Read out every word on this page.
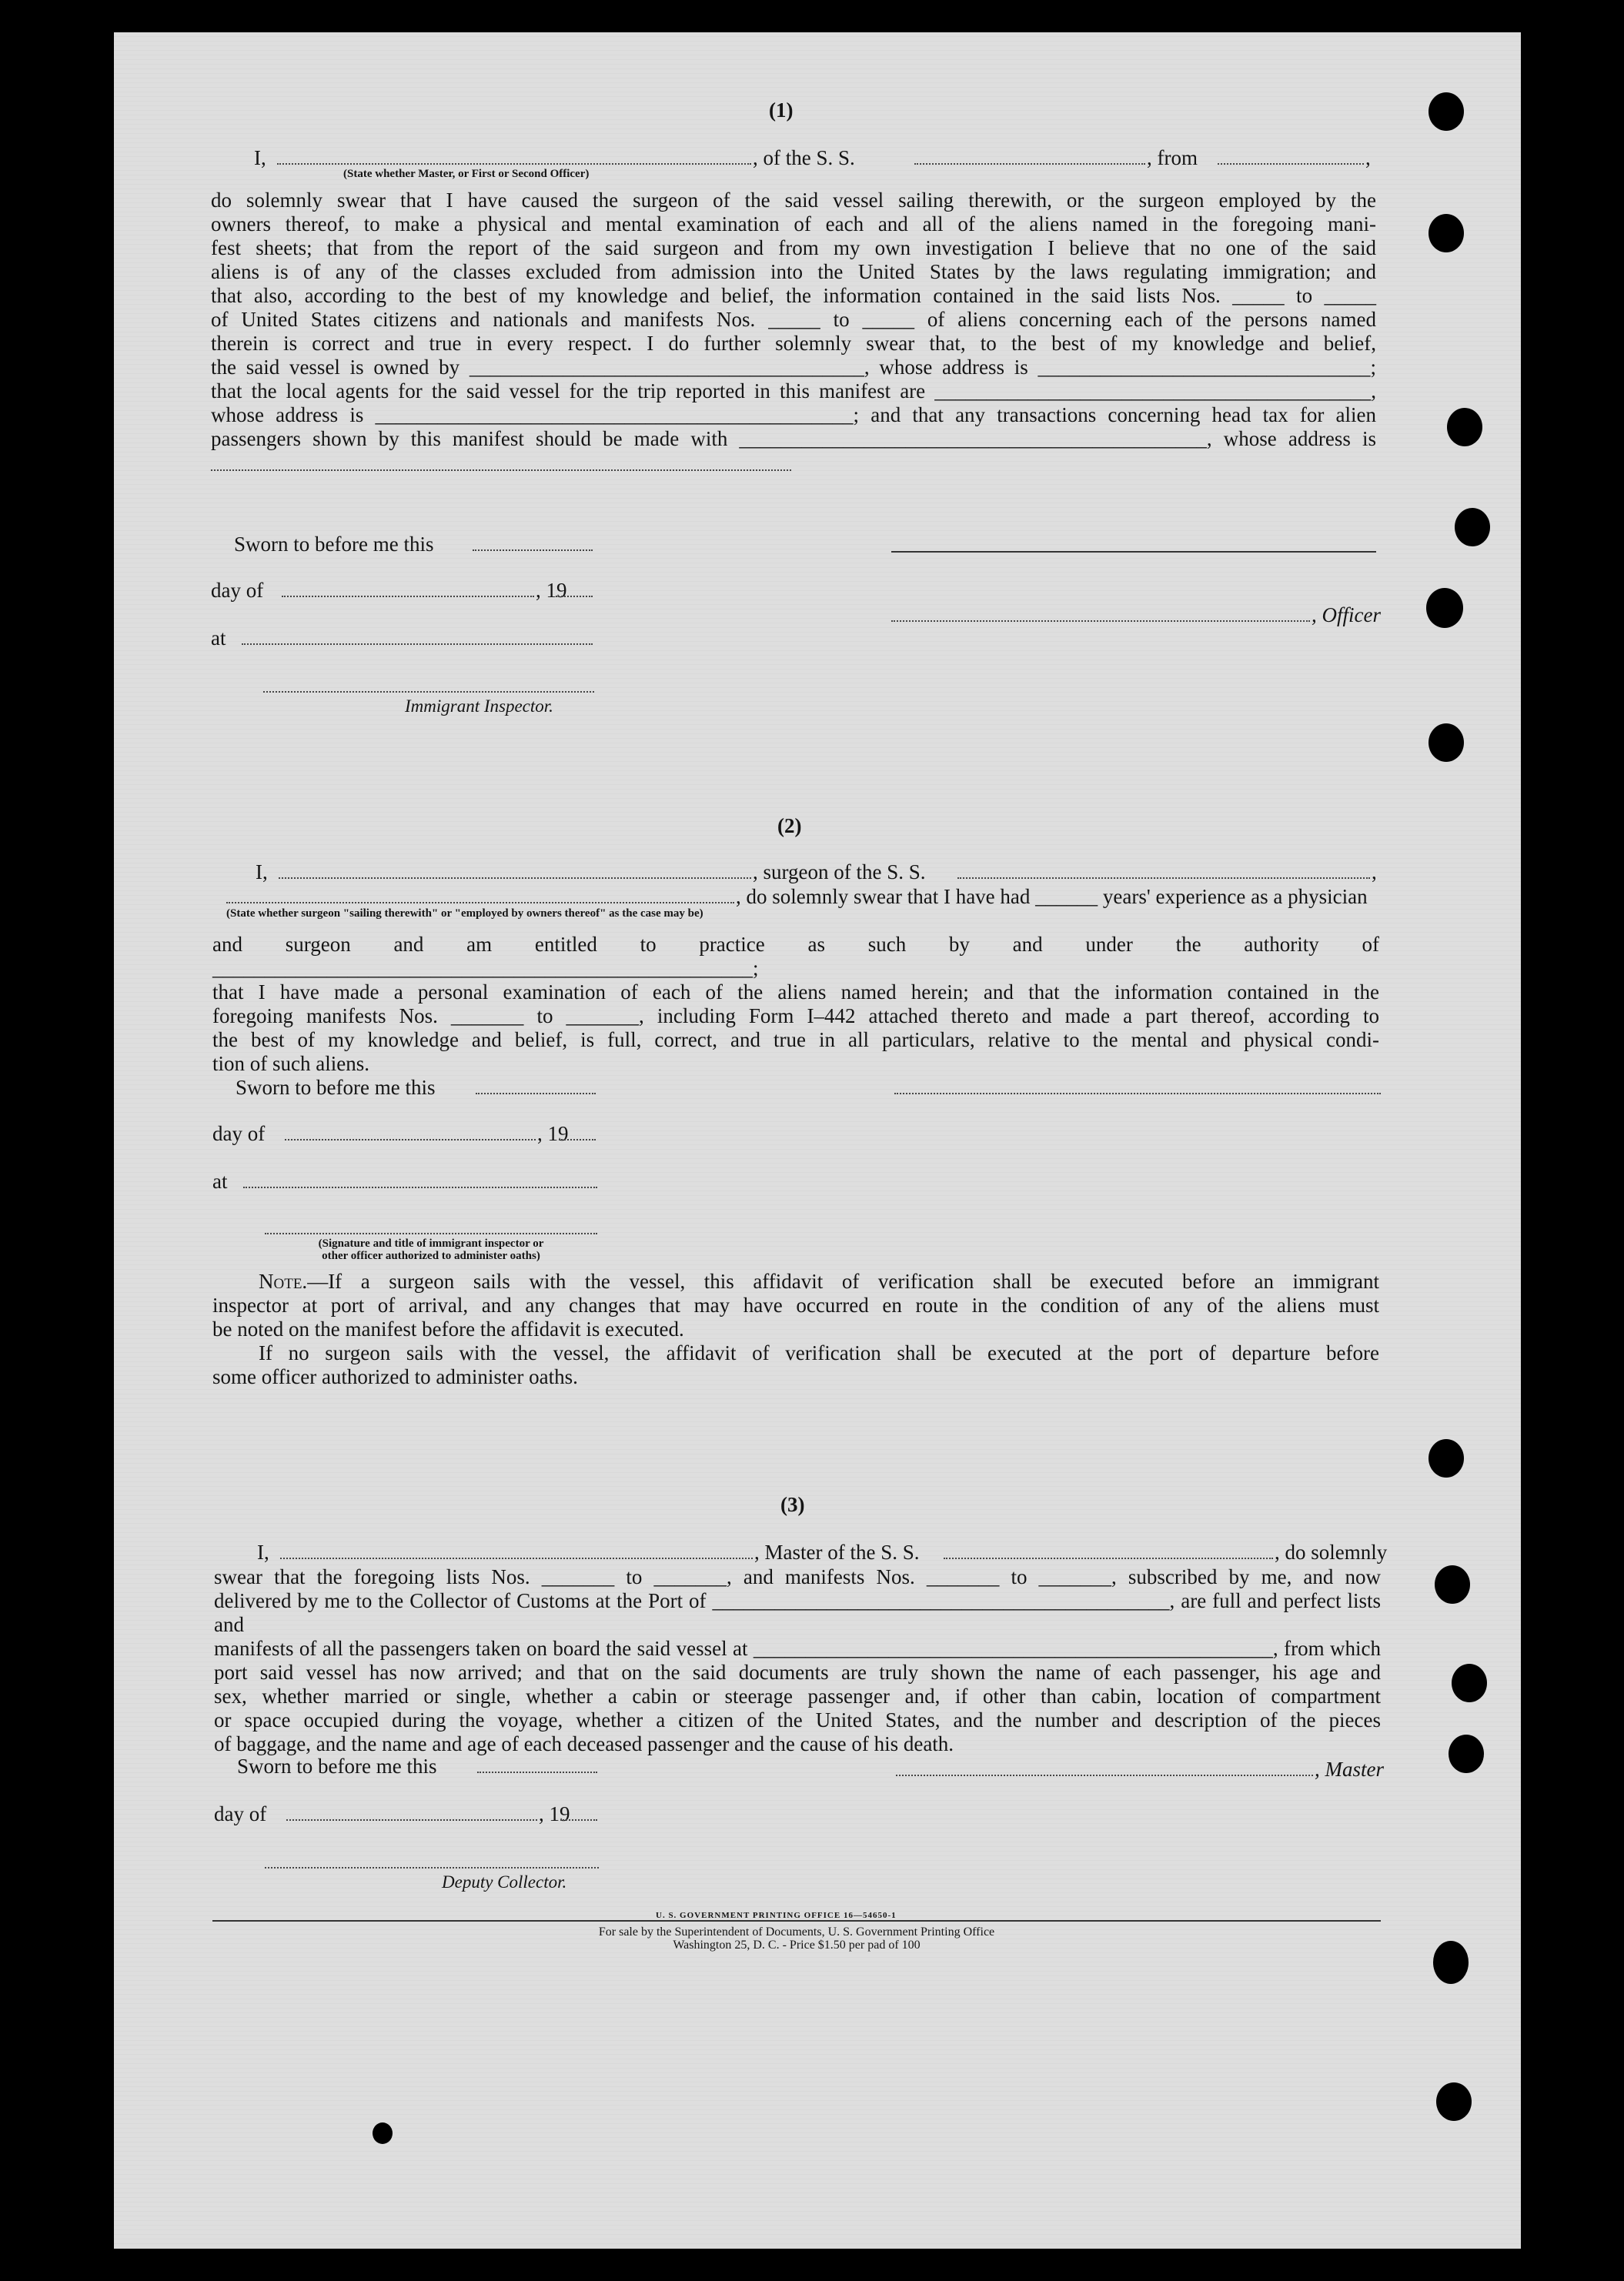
(1)
I,	, of the S. S.	, from	,
(State whether Master, or First or Second Officer)

do solemnly swear that I have caused the surgeon of the said vessel sailing therewith, or the surgeon employed by the

owners thereof, to make a physical and mental examination of each and all of the aliens named in the foregoing mani-

fest sheets; that from the report of the said surgeon and from my own investigation I believe that no one of the said

aliens is of any of the classes excluded from admission into the United States by the laws regulating immigration; and

that also, according to the best of my knowledge and belief, the information contained in the said lists Nos. _____ to _____

of United States citizens and nationals and manifests Nos. _____ to _____ of aliens concerning each of the persons named

therein is correct and true in every respect. I do further solemnly swear that, to the best of my knowledge and belief,

the said vessel is owned by ______________________________________, whose address is ________________________________;

that the local agents for the said vessel for the trip reported in this manifest are __________________________________________,

whose address is ______________________________________________; and that any transactions concerning head tax for alien

passengers shown by this manifest should be made with _____________________________________________, whose address is

Sworn to before me this
day of	, 19
at
Immigrant Inspector.
, Officer
(2)
I,	, surgeon of the S. S.	,
, do solemnly swear that I have had ______ years' experience as a physician
(State whether surgeon "sailing therewith" or "employed by owners thereof" as the case may be)

and surgeon and am entitled to practice as such by and under the authority of ____________________________________________________;

that I have made a personal examination of each of the aliens named herein; and that the information contained in the

foregoing manifests Nos. _______ to _______, including Form I–442 attached thereto and made a part thereof, according to

the best of my knowledge and belief, is full, correct, and true in all particulars, relative to the mental and physical condi-

tion of such aliens.

Sworn to before me this
day of	, 19
at
(Signature and title of immigrant inspector or
other officer authorized to administer oaths)

Note.—If a surgeon sails with the vessel, this affidavit of verification shall be executed before an immigrant

inspector at port of arrival, and any changes that may have occurred en route in the condition of any of the aliens must

be noted on the manifest before the affidavit is executed.

If no surgeon sails with the vessel, the affidavit of verification shall be executed at the port of departure before

some officer authorized to administer oaths.

(3)
I,	, Master of the S. S.	, do solemnly

swear that the foregoing lists Nos. _______ to _______, and manifests Nos. _______ to _______, subscribed by me, and now

delivered by me to the Collector of Customs at the Port of ____________________________________________, are full and perfect lists and

manifests of all the passengers taken on board the said vessel at __________________________________________________, from which

port said vessel has now arrived; and that on the said documents are truly shown the name of each passenger, his age and

sex, whether married or single, whether a cabin or steerage passenger and, if other than cabin, location of compartment

or space occupied during the voyage, whether a citizen of the United States, and the number and description of the pieces

of baggage, and the name and age of each deceased passenger and the cause of his death.

Sworn to before me this
day of	, 19
Deputy Collector.
, Master
U. S. GOVERNMENT PRINTING OFFICE 16—54650-1
For sale by the Superintendent of Documents, U. S. Government Printing Office
Washington 25, D. C. - Price $1.50 per pad of 100
